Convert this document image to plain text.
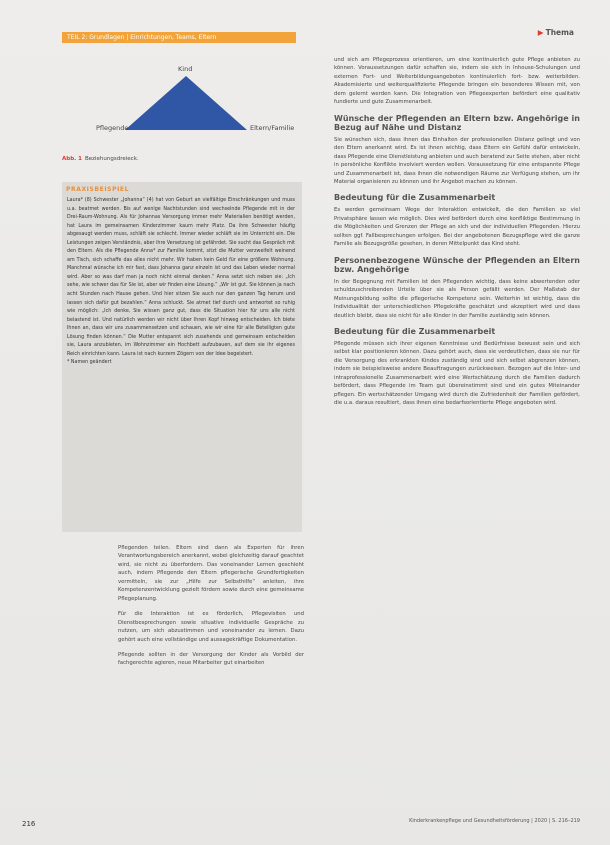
TEIL 2: Grundlagen | Einrichtungen, Teams, Eltern
▶ Thema
Kind
Pflegende	Eltern/Familie
Abb. 1 Beziehungsdreieck.
PRAXISBEISPIEL
Laura* (8) Schwester „Johanna“ (4) hat von Geburt an vielfältige Einschränkungen und muss u.a. beatmet werden. Bis auf wenige Nachtstunden sind wechselnde Pflegende mit in der Drei-Raum-Wohnung. Als für Johannas Versorgung immer mehr Materialien benötigt werden, hat Laura im gemeinsamen Kinderzimmer kaum mehr Platz. Da ihre Schwester häufig abgesaugt werden muss, schläft sie schlecht. Immer wieder schläft sie im Unterricht ein. Die Leistungen zeigen Verständnis, aber ihre Versetzung ist gefährdet. Sie sucht das Gespräch mit den Eltern. Als die Pflegende Anna* zur Familie kommt, sitzt die Mutter verzweifelt weinend am Tisch, sich schaffe das alles nicht mehr. Wir haben kein Geld für eine größere Wohnung. Manchmal wünsche ich mir fast, dass Johanna ganz einzeln ist und das Leben wieder normal wird. Aber so was darf man ja noch nicht einmal denken.“ Anna setzt sich neben sie: „Ich sehe, wie schwer das für Sie ist, aber wir finden eine Lösung.“ „Wir ist gut. Sie können ja nach acht Stunden nach Hause gehen. Und hier sitzen Sie auch nur den ganzen Tag herum und lassen sich dafür gut bezahlen.“ Anna schluckt. Sie atmet tief durch und antwortet so ruhig wie möglich: „Ich denke, Sie wissen ganz gut, dass die Situation hier für uns alle nicht belastend ist. Und natürlich werden wir nicht über Ihren Kopf hinweg entscheiden. Ich biete Ihnen an, dass wir uns zusammensetzen und schauen, wie wir eine für alle Beteiligten gute Lösung finden können.“ Die Mutter entspannt sich zusehends und gemeinsam entscheiden sie, Laura anzubieten, im Wohnzimmer ein Hochbett aufzubauen, auf dem sie ihr eigenes Reich einrichten kann. Laura ist nach kurzem Zögern von der Idee begeistert.
* Namen geändert

Pflegenden teilen. Eltern sind dann als Experten für ihren Verantwortungsbereich anerkannt, wobei gleichzeitig darauf geachtet wird, sie nicht zu überfordern. Das voneinander Lernen geschieht auch, indem Pflegende den Eltern pflegerische Grundfertigkeiten vermitteln, sie zur „Hilfe zur Selbsthilfe“ anleiten, ihre Kompetenzentwicklung gezielt fördern sowie durch eine gemeinsame Pflegeplanung.

Für die Interaktion ist es förderlich, Pflegevisiten und Dienstbesprechungen sowie situative individuelle Gespräche zu nutzen, um sich abzustimmen und voneinander zu lernen. Dazu gehört auch eine vollständige und aussagekräftige Dokumentation.

Pflegende sollten in der Versorgung der Kinder als Vorbild der fachgerechte agieren, neue Mitarbeiter gut einarbeiten

und sich am Pflegeprozess orientieren, um eine kontinuierlich gute Pflege anbieten zu können. Voraussetzungen dafür schaffen sie, indem sie sich in Inhouse-Schulungen und externen Fort- und Weiterbildungsangeboten kontinuierlich fort- bzw. weiterbilden. Akademisierte und weiterqualifizierte Pflegende bringen ein besonderes Wissen mit, von dem gelernt werden kann. Die Integration von Pflegeexperten befördert eine qualitativ fundierte und gute Zusammenarbeit.

Wünsche der Pflegenden an Eltern bzw. Angehörige in Bezug auf Nähe und Distanz

Sie wünschen sich, dass ihnen das Einhalten der professionellen Distanz gelingt und von den Eltern anerkannt wird. Es ist ihnen wichtig, dass Eltern ein Gefühl dafür entwickeln, dass Pflegende eine Dienstleistung anbieten und auch beratend zur Seite stehen, aber nicht in persönliche Konflikte involviert werden wollen. Voraussetzung für eine entspannte Pflege und Zusammenarbeit ist, dass ihnen die notwendigen Räume zur Verfügung stehen, um ihr Material organisieren zu können und ihr Angebot machen zu können.

Bedeutung für die Zusammenarbeit

Es werden gemeinsam Wege der Interaktion entwickelt, die den Familien so viel Privatsphäre lassen wie möglich. Dies wird befördert durch eine konfliktige Bestimmung in die Möglichkeiten und Grenzen der Pflege an sich und der individuellen Pflegenden. Hierzu sollten ggf. Fallbesprechungen erfolgen. Bei der angebotenen Bezugspflege wird die ganze Familie als Bezugsgröße gesehen, in deren Mittelpunkt das Kind steht.

Personenbezogene Wünsche der Pflegenden an Eltern bzw. Angehörige

In der Begegnung mit Familien ist den Pflegenden wichtig, dass keine abwertenden oder schuldzuschreibenden Urteile über sie als Person gefällt werden. Der Maßstab der Meinungsbildung sollte die pflegerische Kompetenz sein. Weiterhin ist wichtig, dass die Individualität der unterschiedlichen Pflegekräfte geschätzt und akzeptiert wird und dass deutlich bleibt, dass sie nicht für alle Kinder in der Familie zuständig sein können.

Bedeutung für die Zusammenarbeit

Pflegende müssen sich ihrer eigenen Kenntnisse und Bedürfnisse bewusst sein und sich selbst klar positionieren können. Dazu gehört auch, dass sie verdeutlichen, dass sie nur für die Versorgung des erkrankten Kindes zuständig sind und sich selbst abgrenzen können, indem sie beispielsweise andere Beauftragungen zurückweisen. Bezogen auf die Inter- und intraprofessionelle Zusammenarbeit wird eine Wertschätzung durch die Familien dadurch befördert, dass Pflegende im Team gut übereinstimmt sind und ein gutes Miteinander pflegen. Ein wertschätzender Umgang wird durch die Zufriedenheit der Familien gefördert, die u.a. daraus resultiert, dass ihnen eine bedarfsorientierte Pflege angeboten wird.

216	Kinderkrankenpflege und Gesundheitsförderung | 2020 | S. 216–219
